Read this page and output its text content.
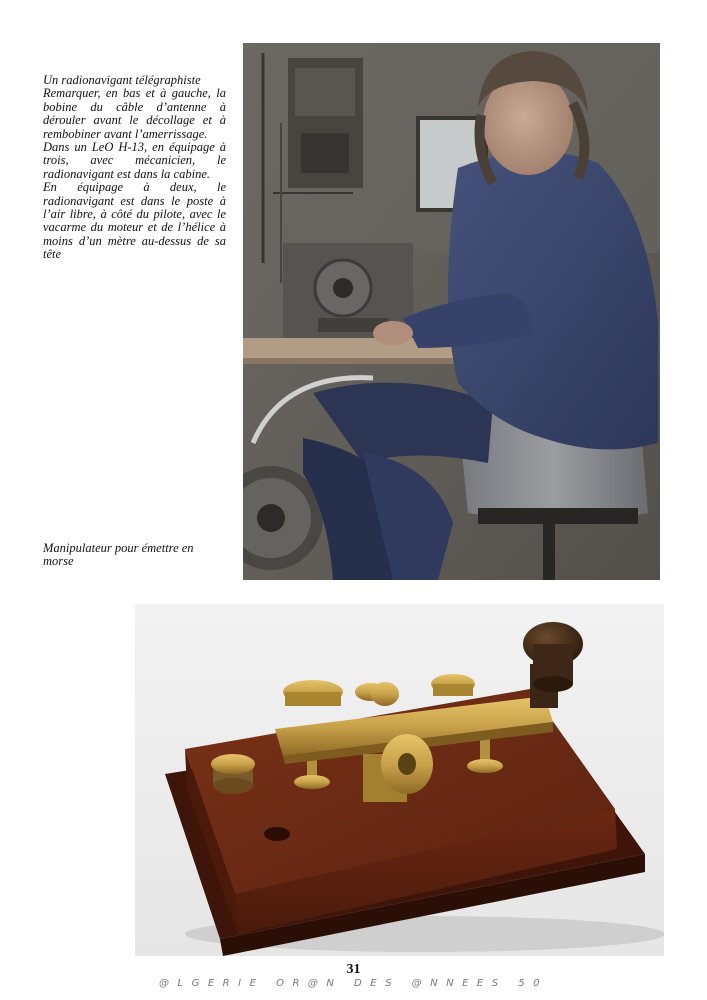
Un radionavigant télégraphiste

Remarquer, en bas et à gauche, la bobine du câble d’antenne à dérouler avant le décollage et à rembobiner avant l’amerrissage.

Dans un LeO H-13, en équipage à trois, avec mécanicien, le radionavigant est dans la cabine.

En équipage à deux, le radionavigant est dans le poste à l’air libre, à côté du pilote, avec le vacarme du moteur et de l’hélice à moins d’un mètre au-dessus de sa tête

Manipulateur pour émettre en morse

31
@LGERIE OR@N DES @NNEES 50
